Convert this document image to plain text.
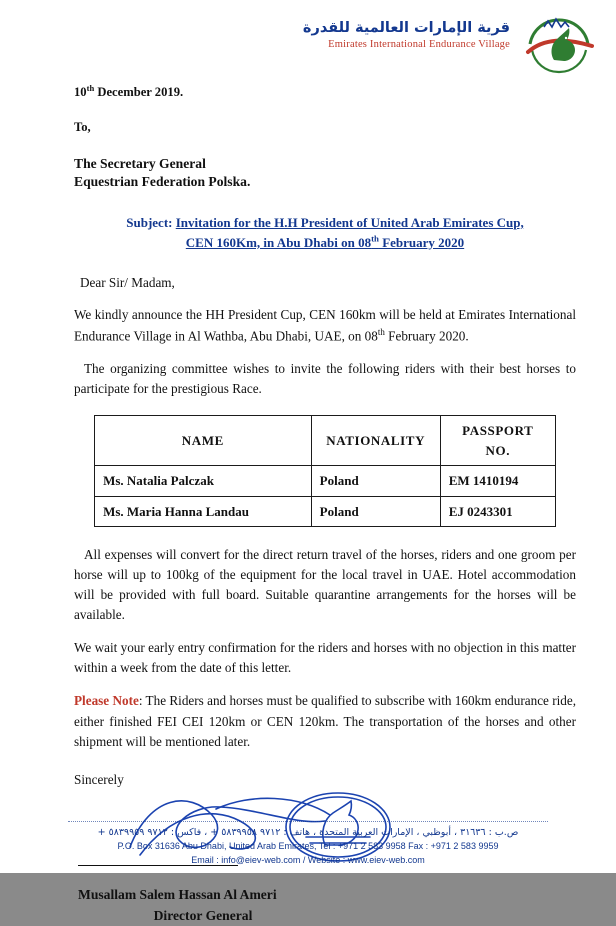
قرية الإمارات العالمية للقدرة
Emirates International Endurance Village
10th December 2019.
To,
The Secretary General
Equestrian Federation Polska.
Subject: Invitation for the H.H President of United Arab Emirates Cup,
CEN 160Km, in Abu Dhabi on 08th February 2020
Dear Sir/ Madam,
We kindly announce the HH President Cup, CEN 160km will be held at Emirates International Endurance Village in Al Wathba, Abu Dhabi, UAE, on 08th February 2020.
The organizing committee wishes to invite the following riders with their best horses to participate for the prestigious Race.
NAME	NATIONALITY	PASSPORT NO.
Ms. Natalia Palczak	Poland	EM 1410194
Ms. Maria Hanna Landau	Poland	EJ 0243301
All expenses will convert for the direct return travel of the horses, riders and one groom per horse will up to 100kg of the equipment for the local travel in UAE. Hotel accommodation will be provided with full board. Suitable quarantine arrangements for the horses will be available.
We wait your early entry confirmation for the riders and horses with no objection in this matter within a week from the date of this letter.
Please Note: The Riders and horses must be qualified to subscribe with 160km endurance ride, either finished FEI CEI 120km or CEN 120km. The transportation of the horses and other shipment will be mentioned later.
Sincerely
Musallam Salem Hassan Al Ameri
Director General
ص.ب : ٣١٦٣٦ ، أبوظبي ، الإمارات العربية المتحدة ، هاتف : ٩٧١٢ ٥٨٣٩٩٥٨ + ، فاكس : ٩٧١٢ ٥٨٣٩٩٥٩ +
P.O. Box 31636 Abu Dhabi, United Arab Emirates, Tel : +971 2 583 9958 Fax : +971 2 583 9959
Email : info@eiev-web.com / Website : www.eiev-web.com
